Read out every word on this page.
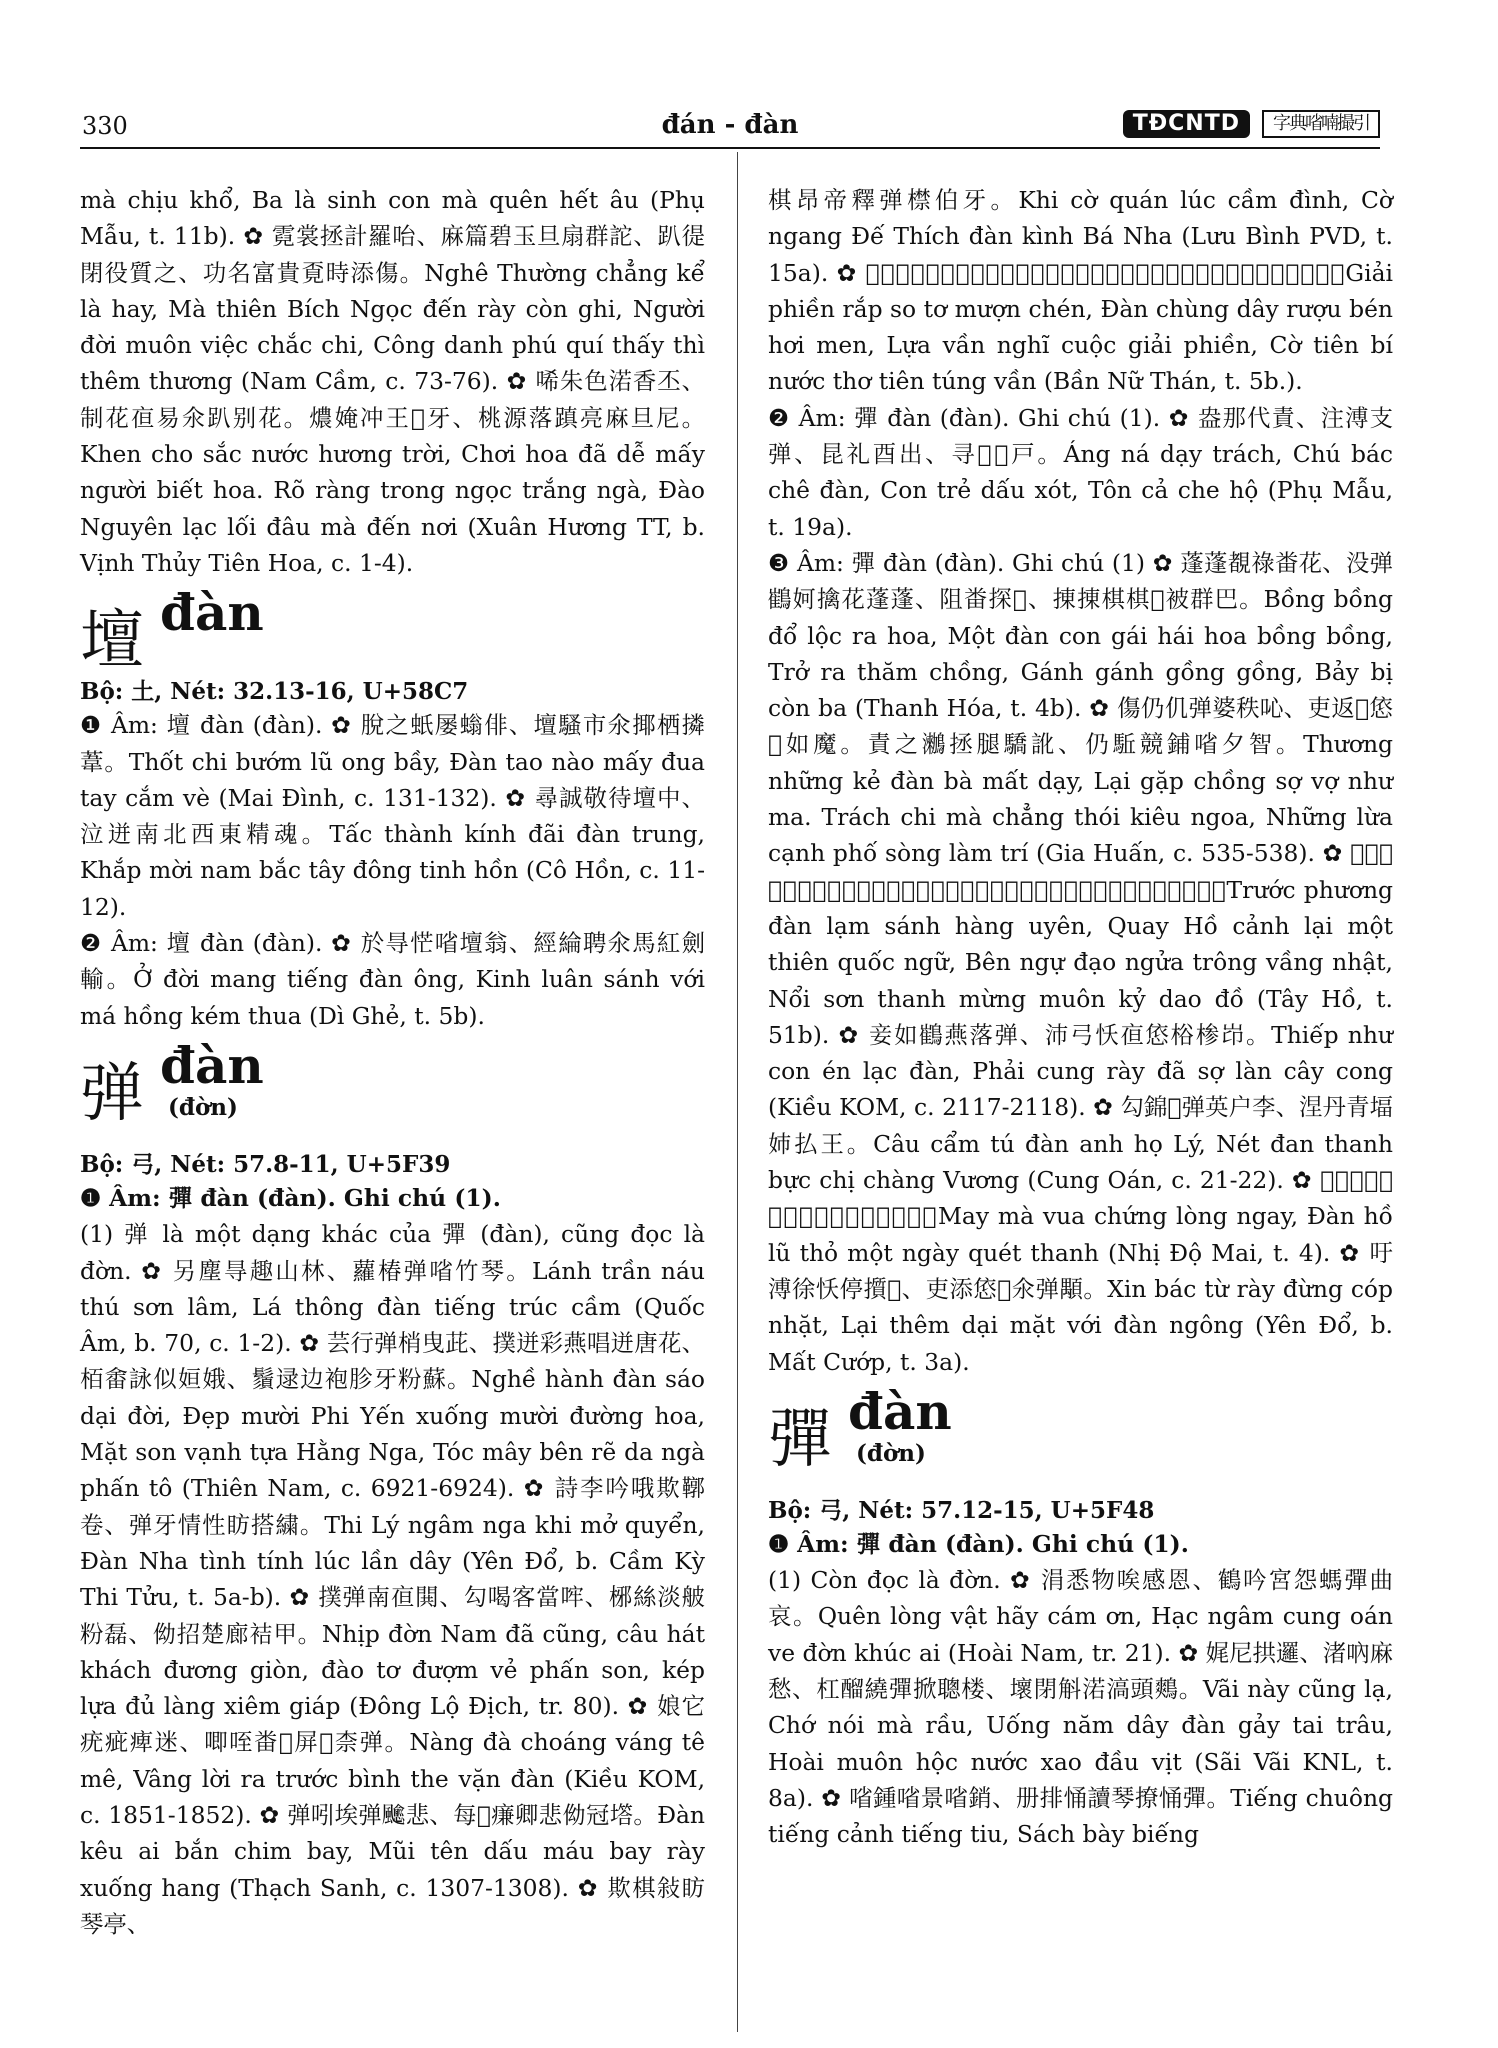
330	đán - đàn	TĐCNTD	字典㗂喃撮引

mà chịu khổ, Ba là sinh con mà quên hết âu (Phụ Mẫu, t. 11b). ✿ 霓裳拯計羅咍、麻篇碧玉旦扇群詑、趴徥閉役質之、功名富貴覔時添傷。Nghê Thường chẳng kể là hay, Mà thiên Bích Ngọc đến rày còn ghi, Người đời muôn việc chắc chi, Công danh phú quí thấy thì thêm thương (Nam Cầm, c. 73-76). ✿ 唏朱色渃香丕、制花亱易氽趴别花。燶㛪冲王𡍟牙、桃源落蹎亮麻旦尼。Khen cho sắc nước hương trời, Chơi hoa đã dễ mấy người biết hoa. Rõ ràng trong ngọc trắng ngà, Đào Nguyên lạc lối đâu mà đến nơi (Xuân Hương TT, b. Vịnh Thủy Tiên Hoa, c. 1-4).

壇 đàn

Bộ: 土, Nét: 32.13-16, U+58C7

❶ Âm: 壇 đàn (đàn). ✿ 脫之蚔屡螉俳、壇騷市氽揶栖撛葦。Thốt chi bướm lũ ong bầy, Đàn tao nào mấy đua tay cắm vè (Mai Đình, c. 131-132). ✿ 尋誠敬待壇中、泣迸南北西東精魂。Tấc thành kính đãi đàn trung, Khắp mời nam bắc tây đông tinh hồn (Cô Hồn, c. 11-12).

❷ Âm: 壇 đàn (đàn). ✿ 於㝵恾㗂壇翁、經綸聘氽馬紅劍輸。Ở đời mang tiếng đàn ông, Kinh luân sánh với má hồng kém thua (Dì Ghẻ, t. 5b).

弹 đàn
(đờn)

Bộ: 弓, Nét: 57.8-11, U+5F39

❶ Âm: 彈 đàn (đàn). Ghi chú (1).

(1) 弹 là một dạng khác của 彈 (đàn), cũng đọc là đờn. ✿ 另塵㝵趣山林、蘿椿弹㗂竹琴。Lánh trần náu thú sơn lâm, Lá thông đàn tiếng trúc cầm (Quốc Âm, b. 70, c. 1-2). ✿ 芸行弹梢曳茈、撲迸彩燕唱迸唐花、栢畬詠似姮娥、鬚逯边袍胗牙粉蘇。Nghề hành đàn sáo dại đời, Đẹp mười Phi Yến xuống mười đường hoa, Mặt son vạnh tựa Hằng Nga, Tóc mây bên rẽ da ngà phấn tô (Thiên Nam, c. 6921-6924). ✿ 詩李吟哦欺鞹卷、弹牙情性眆搭繍。Thi Lý ngâm nga khi mở quyển, Đàn Nha tình tính lúc lần dây (Yên Đổ, b. Cầm Kỳ Thi Tửu, t. 5a-b). ✿ 撲弹南亱閧、勾喝客當哰、㭨絲淡𦨭粉磊、㑃招楚廊袺甲。Nhịp đờn Nam đã cũng, câu hát khách đương giòn, đào tơ đượm vẻ phấn son, kép lựa đủ làng xiêm giáp (Đông Lộ Địch, tr. 80). ✿ 娘它疣疵痺迷、唧咥畨𦘧屏𦀺柰弹。Nàng đà choáng váng tê mê, Vâng lời ra trước bình the vặn đàn (Kiều KOM, c. 1851-1852). ✿ 弹吲埃弹𩙍悲、每𥯎㾾卿悲㑃冠㙮。Đàn kêu ai bắn chim bay, Mũi tên dấu máu bay rày xuống hang (Thạch Sanh, c. 1307-1308). ✿ 欺棋敍眆琴亭、

棋昂帝釋弹㯲伯牙。Khi cờ quán lúc cầm đình, Cờ ngang Đế Thích đàn kình Bá Nha (Lưu Bình PVD, t. 15a). ✿ 𧼋煩泣摋絲慢㵢、弹重繞醖㷋唏眠、攄韻扚局𧼋煩、棋仙秘渃詩仙縱韻。Giải phiền rắp so tơ mượn chén, Đàn chùng dây rượu bén hơi men, Lựa vần nghĩ cuộc giải phiền, Cờ tiên bí nước thơ tiên túng vần (Bần Nữ Thán, t. 5b.).

❷ Âm: 彈 đàn (đàn). Ghi chú (1). ✿ 盎那代責、注溥支弹、昆礼酉出、寻𡢐𤕔戸。Áng ná dạy trách, Chú bác chê đàn, Con trẻ dấu xót, Tôn cả che hộ (Phụ Mẫu, t. 19a).

❸ Âm: 彈 đàn (đàn). Ghi chú (1) ✿ 蓬蓬覩祿畨花、没弹䳽妸擒花蓬蓬、阻畨探𨀈、㨂㨂棋棋𡎝被群巴。Bồng bồng đổ lộc ra hoa, Một đàn con gái hái hoa bồng bồng, Trở ra thăm chồng, Gánh gánh gồng gồng, Bảy bị còn ba (Thanh Hóa, t. 4b). ✿ 傷仍仉弹婆秩吣、吏返𨀈㥋𡟫如魔。責之𪆵拯腿驕訛、仍駈競鋪㗂夕智。Thương những kẻ đàn bà mất dạy, Lại gặp chồng sợ vợ như ma. Trách chi mà chẳng thói kiêu ngoa, Những lừa cạnh phố sòng làm trí (Gia Huấn, c. 535-538). ✿ 𩈘芳弹𤄶聘行鴦、揀湖景吏沒篇國語、邊御道𡓇𩇢彙日、淫山聲惻闖紀瑤圖。Trước phương đàn lạm sánh hàng uyên, Quay Hồ cảnh lại một thiên quốc ngữ, Bên ngự đạo ngửa trông vầng nhật, Nổi sơn thanh mừng muôn kỷ dao đồ (Tây Hồ, t. 51b). ✿ 妾如䳽燕落弹、沛弓㤇亱㥋㭲椮岇。Thiếp như con én lạc đàn, Phải cung rày đã sợ làn cây cong (Kiều KOM, c. 2117-2118). ✿ 勾錦𦁀弹英户李、涅丹青堛姉払王。Câu cẩm tú đàn anh họ Lý, Nét đan thanh bực chị chàng Vương (Cung Oán, c. 21-22). ✿ 𡗶𪆵希証悉𦝄、弹狐屡兔没𣅶抉清。May mà vua chứng lòng ngay, Đàn hồ lũ thỏ một ngày quét thanh (Nhị Độ Mai, t. 4). ✿ 吁溥徐㤇停㩫𥿗、吏添㥋𨢇氽弹顒。Xin bác từ rày đừng cóp nhặt, Lại thêm dại mặt với đàn ngông (Yên Đổ, b. Mất Cướp, t. 3a).

彈 đàn
(đờn)

Bộ: 弓, Nét: 57.12-15, U+5F48

❶ Âm: 彈 đàn (đàn). Ghi chú (1).

(1) Còn đọc là đờn. ✿ 涓悉物唉感恩、鶴吟宮怨螞彈曲哀。Quên lòng vật hãy cám ơn, Hạc ngâm cung oán ve đờn khúc ai (Hoài Nam, tr. 21). ✿ 娓尼拱邏、渚吶麻愁、杠𨢇繞彈掀聰楼、壞閉斛渃滈頭鷞。Vãi này cũng lạ, Chớ nói mà rầu, Uống năm dây đàn gảy tai trâu, Hoài muôn hộc nước xao đầu vịt (Sãi Vãi KNL, t. 8a). ✿ 㗂鍾㗂景㗂銷、册排悀讀琴撩悀彈。Tiếng chuông tiếng cảnh tiếng tiu, Sách bày biếng
